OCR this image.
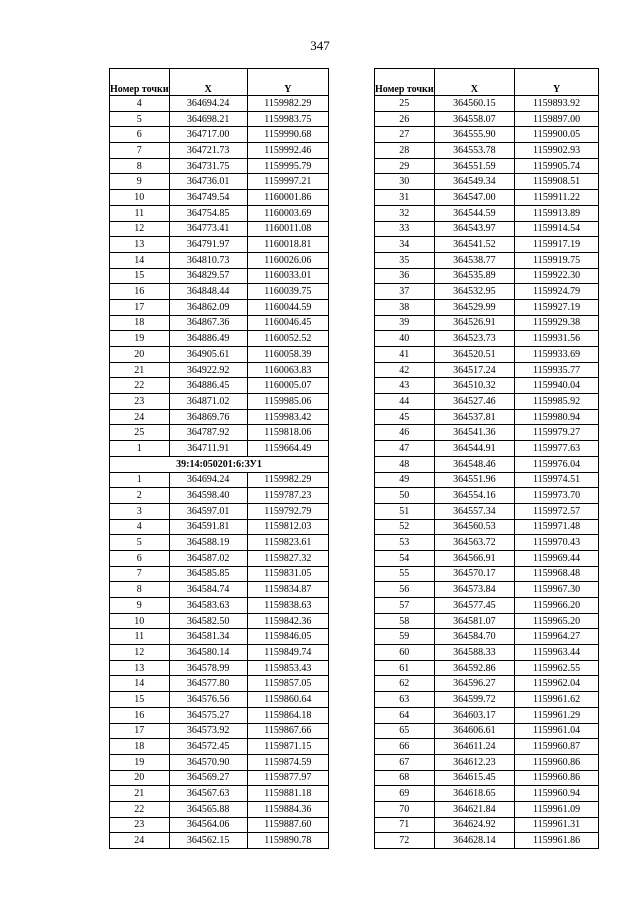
347
Номер точки	X	Y
4	364694.24	1159982.29
5	364698.21	1159983.75
6	364717.00	1159990.68
7	364721.73	1159992.46
8	364731.75	1159995.79
9	364736.01	1159997.21
10	364749.54	1160001.86
11	364754.85	1160003.69
12	364773.41	1160011.08
13	364791.97	1160018.81
14	364810.73	1160026.06
15	364829.57	1160033.01
16	364848.44	1160039.75
17	364862.09	1160044.59
18	364867.36	1160046.45
19	364886.49	1160052.52
20	364905.61	1160058.39
21	364922.92	1160063.83
22	364886.45	1160005.07
23	364871.02	1159985.06
24	364869.76	1159983.42
25	364787.92	1159818.06
1	364711.91	1159664.49
39:14:050201:6:ЗУ1		
1	364694.24	1159982.29
2	364598.40	1159787.23
3	364597.01	1159792.79
4	364591.81	1159812.03
5	364588.19	1159823.61
6	364587.02	1159827.32
7	364585.85	1159831.05
8	364584.74	1159834.87
9	364583.63	1159838.63
10	364582.50	1159842.36
11	364581.34	1159846.05
12	364580.14	1159849.74
13	364578.99	1159853.43
14	364577.80	1159857.05
15	364576.56	1159860.64
16	364575.27	1159864.18
17	364573.92	1159867.66
18	364572.45	1159871.15
19	364570.90	1159874.59
20	364569.27	1159877.97
21	364567.63	1159881.18
22	364565.88	1159884.36
23	364564.06	1159887.60
24	364562.15	1159890.78
Номер точки	X	Y
25	364560.15	1159893.92
26	364558.07	1159897.00
27	364555.90	1159900.05
28	364553.78	1159902.93
29	364551.59	1159905.74
30	364549.34	1159908.51
31	364547.00	1159911.22
32	364544.59	1159913.89
33	364543.97	1159914.54
34	364541.52	1159917.19
35	364538.77	1159919.75
36	364535.89	1159922.30
37	364532.95	1159924.79
38	364529.99	1159927.19
39	364526.91	1159929.38
40	364523.73	1159931.56
41	364520.51	1159933.69
42	364517.24	1159935.77
43	364510.32	1159940.04
44	364527.46	1159985.92
45	364537.81	1159980.94
46	364541.36	1159979.27
47	364544.91	1159977.63
48	364548.46	1159976.04
49	364551.96	1159974.51
50	364554.16	1159973.70
51	364557.34	1159972.57
52	364560.53	1159971.48
53	364563.72	1159970.43
54	364566.91	1159969.44
55	364570.17	1159968.48
56	364573.84	1159967.30
57	364577.45	1159966.20
58	364581.07	1159965.20
59	364584.70	1159964.27
60	364588.33	1159963.44
61	364592.86	1159962.55
62	364596.27	1159962.04
63	364599.72	1159961.62
64	364603.17	1159961.29
65	364606.61	1159961.04
66	364611.24	1159960.87
67	364612.23	1159960.86
68	364615.45	1159960.86
69	364618.65	1159960.94
70	364621.84	1159961.09
71	364624.92	1159961.31
72	364628.14	1159961.86
